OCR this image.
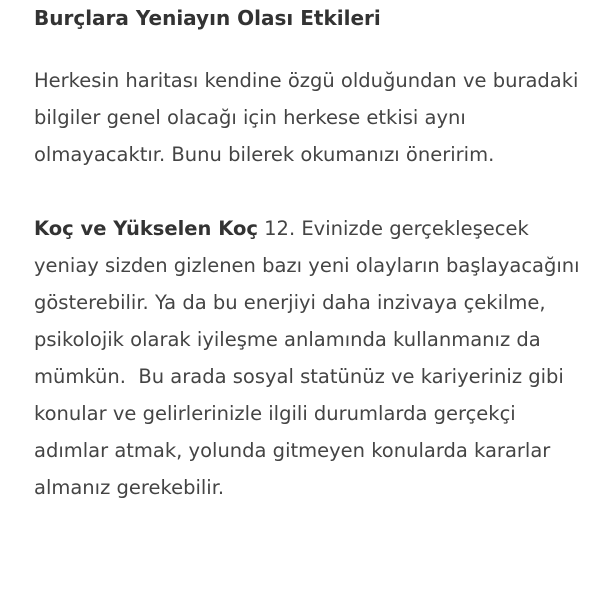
Burçlara Yeniayın Olası Etkileri

Herkesin haritası kendine özgü olduğundan ve buradaki bilgiler genel olacağı için herkese etkisi aynı olmayacaktır. Bunu bilerek okumanızı öneririm.

Koç ve Yükselen Koç 12. Evinizde gerçekleşecek yeniay sizden gizlenen bazı yeni olayların başlayacağını gösterebilir. Ya da bu enerjiyi daha inzivaya çekilme, psikolojik olarak iyileşme anlamında kullanmanız da mümkün.  Bu arada sosyal statünüz ve kariyeriniz gibi konular ve gelirlerinizle ilgili durumlarda gerçekçi adımlar atmak, yolunda gitmeyen konularda kararlar almanız gerekebilir.
